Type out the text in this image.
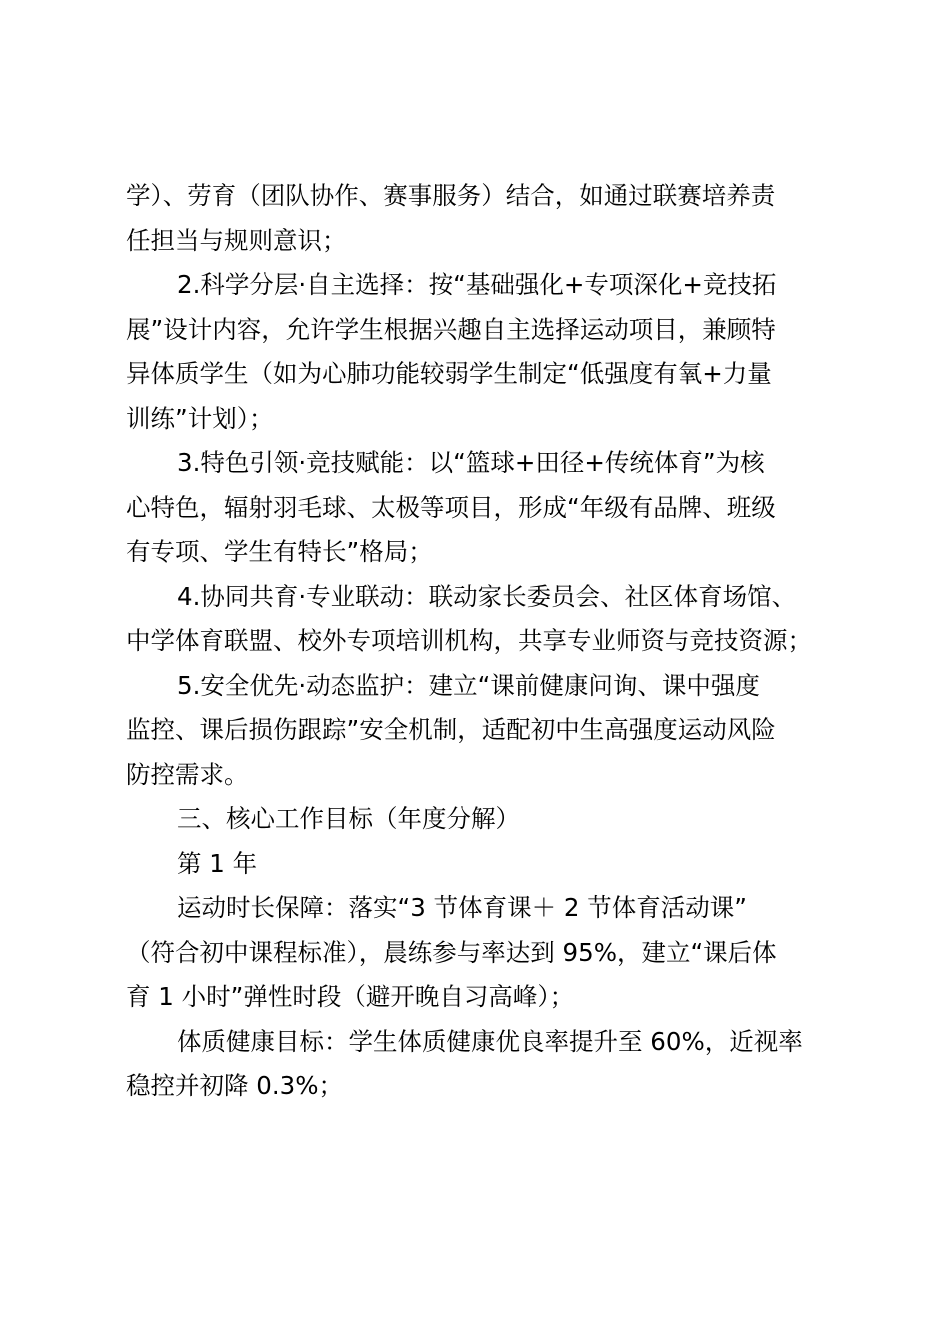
学）、劳育（团队协作、赛事服务）结合，如通过联赛培养责
任担当与规则意识；
2.科学分层·自主选择：按“基础强化+专项深化+竞技拓
展”设计内容，允许学生根据兴趣自主选择运动项目，兼顾特
异体质学生（如为心肺功能较弱学生制定“低强度有氧+力量
训练”计划）；
3.特色引领·竞技赋能：以“篮球+田径+传统体育”为核
心特色，辐射羽毛球、太极等项目，形成“年级有品牌、班级
有专项、学生有特长”格局；
4.协同共育·专业联动：联动家长委员会、社区体育场馆、
中学体育联盟、校外专项培训机构，共享专业师资与竞技资源；
5.安全优先·动态监护：建立“课前健康问询、课中强度
监控、课后损伤跟踪”安全机制，适配初中生高强度运动风险
防控需求。
三、核心工作目标（年度分解）
第 1 年
运动时长保障：落实“3 节体育课＋ 2 节体育活动课”
（符合初中课程标准），晨练参与率达到 95%，建立“课后体
育 1 小时”弹性时段（避开晚自习高峰）；
体质健康目标：学生体质健康优良率提升至 60%，近视率
稳控并初降 0.3%；
